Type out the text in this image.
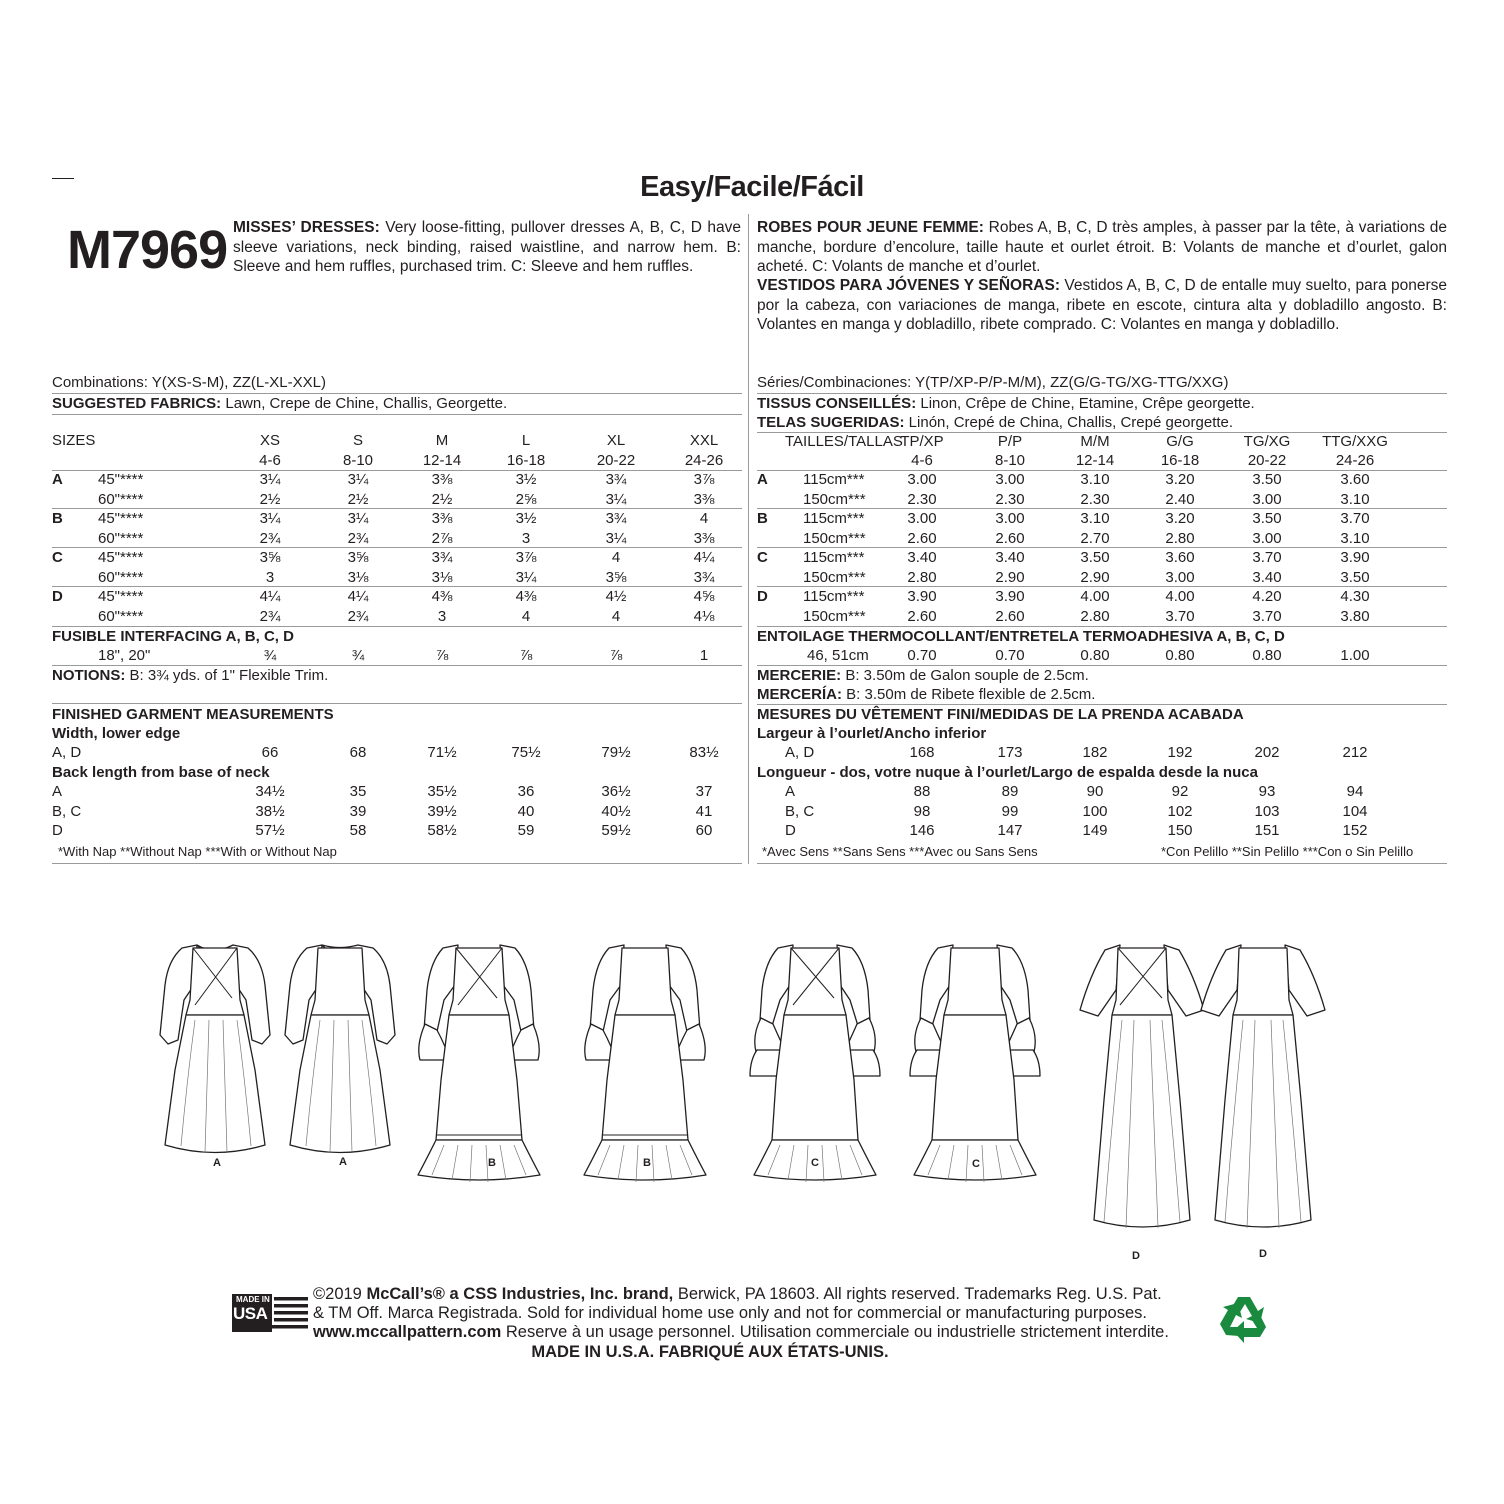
Easy/Facile/Fácil
M7969 MISSES’ DRESSES: Very loose-fitting, pullover dresses A, B, C, D have sleeve variations, neck binding, raised waistline, and narrow hem. B: Sleeve and hem ruffles, purchased trim. C: Sleeve and hem ruffles.
ROBES POUR JEUNE FEMME: Robes A, B, C, D très amples, à passer par la tête, à variations de manche, bordure d’encolure, taille haute et ourlet étroit. B: Volants de manche et d’ourlet, galon acheté. C: Volants de manche et d’ourlet.
VESTIDOS PARA JÓVENES Y SEÑORAS: Vestidos A, B, C, D de entalle muy suelto, para ponerse por la cabeza, con variaciones de manga, ribete en escote, cintura alta y dobladillo angosto. B: Volantes en manga y dobladillo, ribete comprado. C: Volantes en manga y dobladillo.
Combinations: Y(XS-S-M), ZZ(L-XL-XXL)
SUGGESTED FABRICS: Lawn, Crepe de Chine, Challis, Georgette.
SIZES	XS	S	M	L	XL	XXL
4-6	8-10	12-14	16-18	20-22	24-26
A 45"****	3¼	3¼	3⅜	3½	3¾	3⅞
60"****	2½	2½	2½	2⅝	3¼	3⅜
B 45"****	3¼	3¼	3⅜	3½	3¾	4
60"****	2¾	2¾	2⅞	3	3¼	3⅜
C 45"****	3⅝	3⅝	3¾	3⅞	4	4¼
60"****	3	3⅛	3⅛	3¼	3⅝	3¾
D 45"****	4¼	4¼	4⅜	4⅜	4½	4⅝
60"****	2¾	2¾	3	4	4	4⅛
FUSIBLE INTERFACING A, B, C, D
18", 20"	¾	¾	⅞	⅞	⅞	1
NOTIONS: B: 3¾ yds. of 1" Flexible Trim.
FINISHED GARMENT MEASUREMENTS
Width, lower edge
A, D	66	68	71½	75½	79½	83½
Back length from base of neck
A	34½	35	35½	36	36½	37
B, C	38½	39	39½	40	40½	41
D	57½	58	58½	59	59½	60
*With Nap **Without Nap ***With or Without Nap
Séries/Combinaciones: Y(TP/XP-P/P-M/M), ZZ(G/G-TG/XG-TTG/XXG)
TISSUS CONSEILLÉS: Linon, Crêpe de Chine, Etamine, Crêpe georgette.
TELAS SUGERIDAS: Linón, Crepé de China, Challis, Crepé georgette.
TAILLES/TALLAS
TP/XP	P/P	M/M	G/G	TG/XG	TTG/XXG
4-6	8-10	12-14	16-18	20-22	24-26
A 115cm***	3.00	3.00	3.10	3.20	3.50	3.60
150cm***	2.30	2.30	2.30	2.40	3.00	3.10
B 115cm***	3.00	3.00	3.10	3.20	3.50	3.70
150cm***	2.60	2.60	2.70	2.80	3.00	3.10
C 115cm***	3.40	3.40	3.50	3.60	3.70	3.90
150cm***	2.80	2.90	2.90	3.00	3.40	3.50
D 115cm***	3.90	3.90	4.00	4.00	4.20	4.30
150cm***	2.60	2.60	2.80	3.70	3.70	3.80
ENTOILAGE THERMOCOLLANT/ENTRETELA TERMOADHESIVA A, B, C, D
46, 51cm	0.70	0.70	0.80	0.80	0.80	1.00
MERCERIE: B: 3.50m de Galon souple de 2.5cm.
MERCERÍA: B: 3.50m de Ribete flexible de 2.5cm.
MESURES DU VÊTEMENT FINI/MEDIDAS DE LA PRENDA ACABADA
Largeur à l’ourlet/Ancho inferior
A, D	168	173	182	192	202	212
Longueur - dos, votre nuque à l’ourlet/Largo de espalda desde la nuca
A	88	89	90	92	93	94
B, C	98	99	100	102	103	104
D	146	147	149	150	151	152
*Avec Sens **Sans Sens ***Avec ou Sans Sens	*Con Pelillo **Sin Pelillo ***Con o Sin Pelillo
A	A	B	B	C	C
D	D
MADE IN
USA
©2019 McCall’s® a CSS Industries, Inc. brand, Berwick, PA 18603. All rights reserved. Trademarks Reg. U.S. Pat.
& TM Off. Marca Registrada. Sold for individual home use only and not for commercial or manufacturing purposes.
www.mccallpattern.com Reserve à un usage personnel. Utilisation commerciale ou industrielle strictement interdite.
MADE IN U.S.A. FABRIQUÉ AUX ÉTATS-UNIS.
